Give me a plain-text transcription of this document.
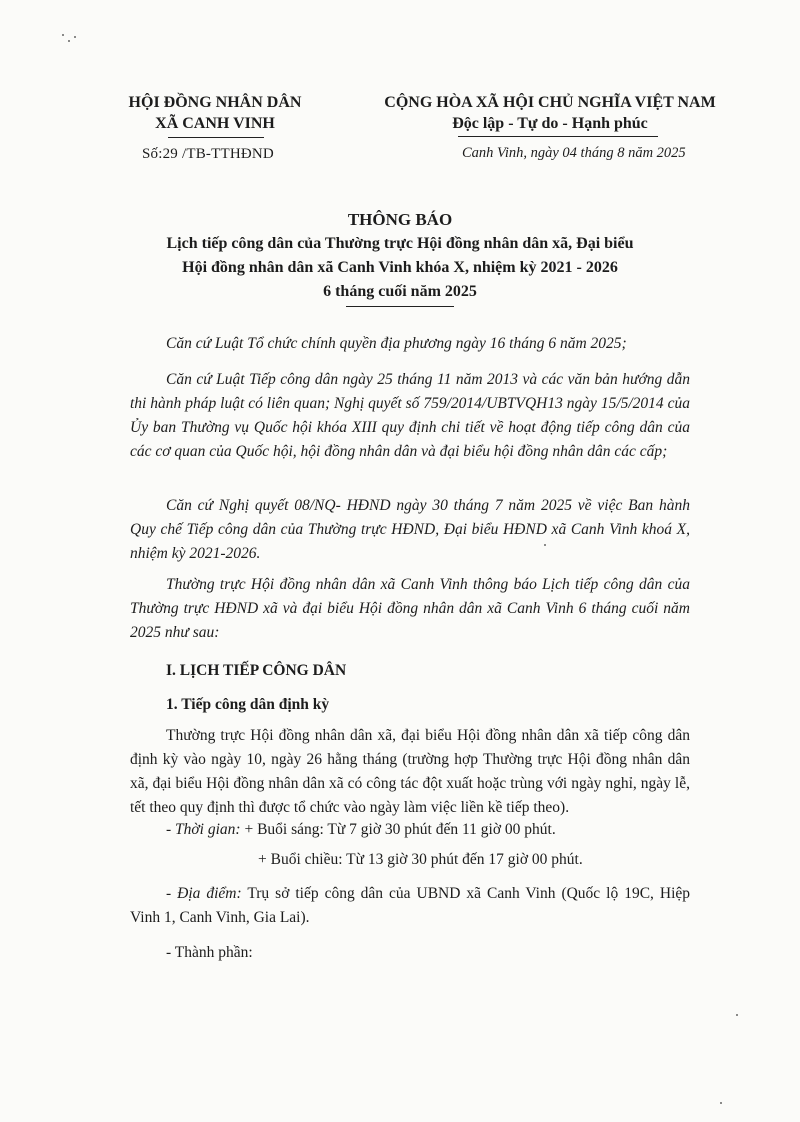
HỘI ĐỒNG NHÂN DÂN
XÃ CANH VINH
Số:29 /TB-TTHĐND
CỘNG HÒA XÃ HỘI CHỦ NGHĨA VIỆT NAM
Độc lập - Tự do - Hạnh phúc
Canh Vinh, ngày 04 tháng 8 năm 2025
THÔNG BÁO
Lịch tiếp công dân của Thường trực Hội đồng nhân dân xã, Đại biểu
Hội đồng nhân dân xã Canh Vinh khóa X, nhiệm kỳ 2021 - 2026
6 tháng cuối năm 2025
Căn cứ Luật Tổ chức chính quyền địa phương ngày 16 tháng 6 năm 2025;
Căn cứ Luật Tiếp công dân ngày 25 tháng 11 năm 2013 và các văn bản hướng dẫn thi hành pháp luật có liên quan; Nghị quyết số 759/2014/UBTVQH13 ngày 15/5/2014 của Ủy ban Thường vụ Quốc hội khóa XIII quy định chi tiết về hoạt động tiếp công dân của các cơ quan của Quốc hội, hội đồng nhân dân và đại biểu hội đồng nhân dân các cấp;
Căn cứ Nghị quyết 08/NQ- HĐND ngày 30 tháng 7 năm 2025 về việc Ban hành Quy chế Tiếp công dân của Thường trực HĐND, Đại biểu HĐND xã Canh Vinh khoá X, nhiệm kỳ 2021-2026.
Thường trực Hội đồng nhân dân xã Canh Vinh thông báo Lịch tiếp công dân của Thường trực HĐND xã và đại biểu Hội đồng nhân dân xã Canh Vinh 6 tháng cuối năm 2025 như sau:
I. LỊCH TIẾP CÔNG DÂN
1. Tiếp công dân định kỳ
Thường trực Hội đồng nhân dân xã, đại biểu Hội đồng nhân dân xã tiếp công dân định kỳ vào ngày 10, ngày 26 hằng tháng (trường hợp Thường trực Hội đồng nhân dân xã, đại biểu Hội đồng nhân dân xã có công tác đột xuất hoặc trùng với ngày nghỉ, ngày lễ, tết theo quy định thì được tổ chức vào ngày làm việc liền kề tiếp theo).
- Thời gian: + Buổi sáng: Từ 7 giờ 30 phút đến 11 giờ 00 phút.
+ Buổi chiều: Từ 13 giờ 30 phút đến 17 giờ 00 phút.
- Địa điểm: Trụ sở tiếp công dân của UBND xã Canh Vinh (Quốc lộ 19C, Hiệp Vinh 1, Canh Vinh, Gia Lai).
- Thành phần:
